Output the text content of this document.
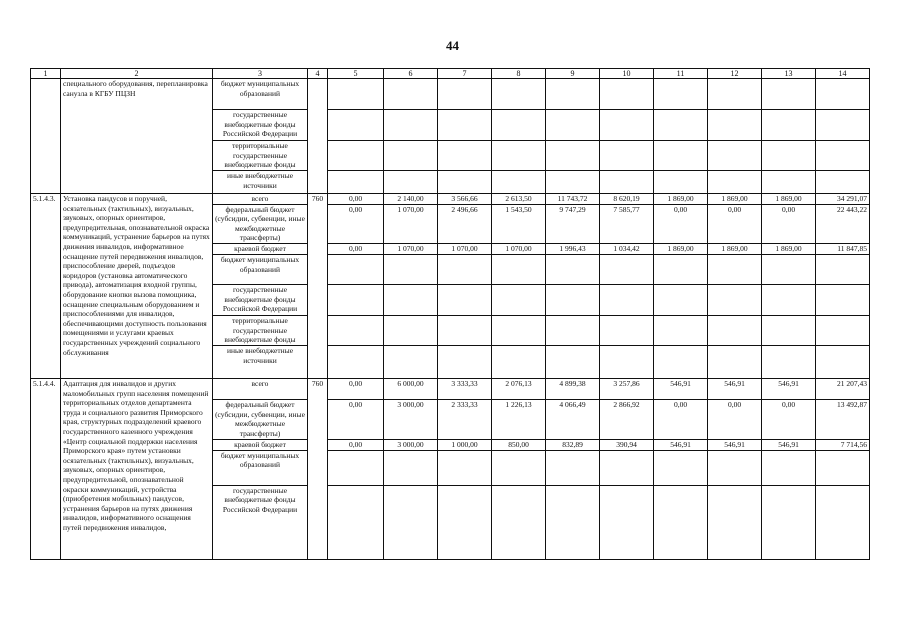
44
1	2	3	4	5	6	7	8	9	10	11	12	13	14
	специального оборудования, перепланировка санузла в КГБУ ПЦЗН	бюджет муниципальных образований											
		государственные внебюджетные фонды Российской Федерации											
		территориальные государственные внебюджетные фонды											
		иные внебюджетные источники											
5.1.4.3.	Установка пандусов и поручней, осязательных (тактильных), визуальных, звуковых, опорных ориентиров, предупредительная, опознавательной окраска коммуникаций, устранение барьеров на путях движения инвалидов, информативное оснащение путей передвижения инвалидов, приспособление дверей, подъездов коридоров (установка автоматического привода), автоматизация входной группы, оборудование кнопки вызова помощника, оснащение специальным оборудованием и приспособлениями для инвалидов, обеспечивающими доступность пользования помещениями и услугами краевых государственных учреждений социального обслуживания	всего	760	0,00	2 140,00	3 566,66	2 613,50	11 743,72	8 620,19	1 869,00	1 869,00	1 869,00	34 291,07
		федеральный бюджет (субсидии, субвенции, иные межбюджетные трансферты)		0,00	1 070,00	2 496,66	1 543,50	9 747,29	7 585,77	0,00	0,00	0,00	22 443,22
		краевой бюджет		0,00	1 070,00	1 070,00	1 070,00	1 996,43	1 034,42	1 869,00	1 869,00	1 869,00	11 847,85
		бюджет муниципальных образований											
		государственные внебюджетные фонды Российской Федерации											
		территориальные государственные внебюджетные фонды											
		иные внебюджетные источники											
5.1.4.4.	Адаптация для инвалидов и других маломобильных групп населения помещений территориальных отделов департамента труда и социального развития Приморского края, структурных подразделений краевого государственного казенного учреждения «Центр социальной поддержки населения Приморского края» путем установки осязательных (тактильных), визуальных, звуковых, опорных ориентиров, предупредительной, опознавательной окраски коммуникаций, устройства (приобретения мобильных) пандусов, устранения барьеров на путях движения инвалидов, информативного оснащения путей передвижения инвалидов,	всего	760	0,00	6 000,00	3 333,33	2 076,13	4 899,38	3 257,86	546,91	546,91	546,91	21 207,43
		федеральный бюджет (субсидии, субвенции, иные межбюджетные трансферты)		0,00	3 000,00	2 333,33	1 226,13	4 066,49	2 866,92	0,00	0,00	0,00	13 492,87
		краевой бюджет		0,00	3 000,00	1 000,00	850,00	832,89	390,94	546,91	546,91	546,91	7 714,56
		бюджет муниципальных образований											
		государственные внебюджетные фонды Российской Федерации											
